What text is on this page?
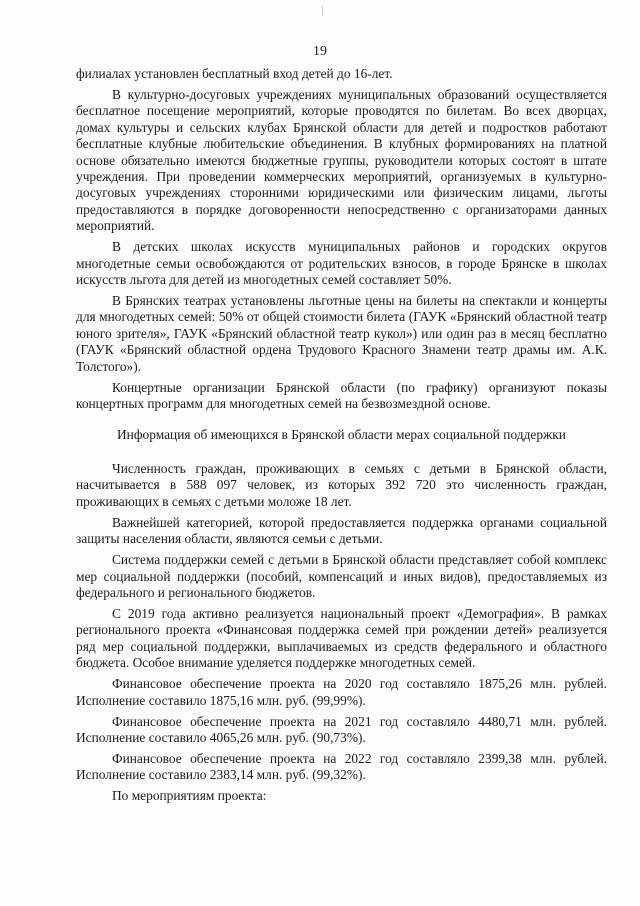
19

филиалах установлен бесплатный вход детей до 16-лет.

В культурно-досуговых учреждениях муниципальных образований осуществляется бесплатное посещение мероприятий, которые проводятся по билетам. Во всех дворцах, домах культуры и сельских клубах Брянской области для детей и подростков работают бесплатные клубные любительские объединения. В клубных формированиях на платной основе обязательно имеются бюджетные группы, руководители которых состоят в штате учреждения. При проведении коммерческих мероприятий, организуемых в культурно-досуговых учреждениях сторонними юридическими или физическим лицами, льготы предоставляются в порядке договоренности непосредственно с организаторами данных мероприятий.

В детских школах искусств муниципальных районов и городских округов многодетные семьи освобождаются от родительских взносов, в городе Брянске в школах искусств льгота для детей из многодетных семей составляет 50%.

В Брянских театрах установлены льготные цены на билеты на спектакли и концерты для многодетных семей: 50% от общей стоимости билета (ГАУК «Брянский областной театр юного зрителя», ГАУК «Брянский областной театр кукол») или один раз в месяц бесплатно (ГАУК «Брянский областной ордена Трудового Красного Знамени театр драмы им. А.К. Толстого»).

Концертные организации Брянской области (по графику) организуют показы концертных программ для многодетных семей на безвозмездной основе.

Информация об имеющихся в Брянской области мерах социальной поддержки

Численность граждан, проживающих в семьях с детьми в Брянской области, насчитывается в 588 097 человек, из которых 392 720 это численность граждан, проживающих в семьях с детьми моложе 18 лет.

Важнейшей категорией, которой предоставляется поддержка органами социальной защиты населения области, являются семьи с детьми.

Система поддержки семей с детьми в Брянской области представляет собой комплекс мер социальной поддержки (пособий, компенсаций и иных видов), предоставляемых из федерального и регионального бюджетов.

С 2019 года активно реализуется национальный проект «Демография». В рамках регионального проекта «Финансовая поддержка семей при рождении детей» реализуется ряд мер социальной поддержки, выплачиваемых из средств федерального и областного бюджета. Особое внимание уделяется поддержке многодетных семей.

Финансовое обеспечение проекта на 2020 год составляло 1875,26 млн. рублей. Исполнение составило 1875,16 млн. руб. (99,99%).

Финансовое обеспечение проекта на 2021 год составляло 4480,71 млн. рублей. Исполнение составило 4065,26 млн. руб. (90,73%).

Финансовое обеспечение проекта на 2022 год составляло 2399,38 млн. рублей. Исполнение составило 2383,14 млн. руб. (99,32%).

По мероприятиям проекта:
